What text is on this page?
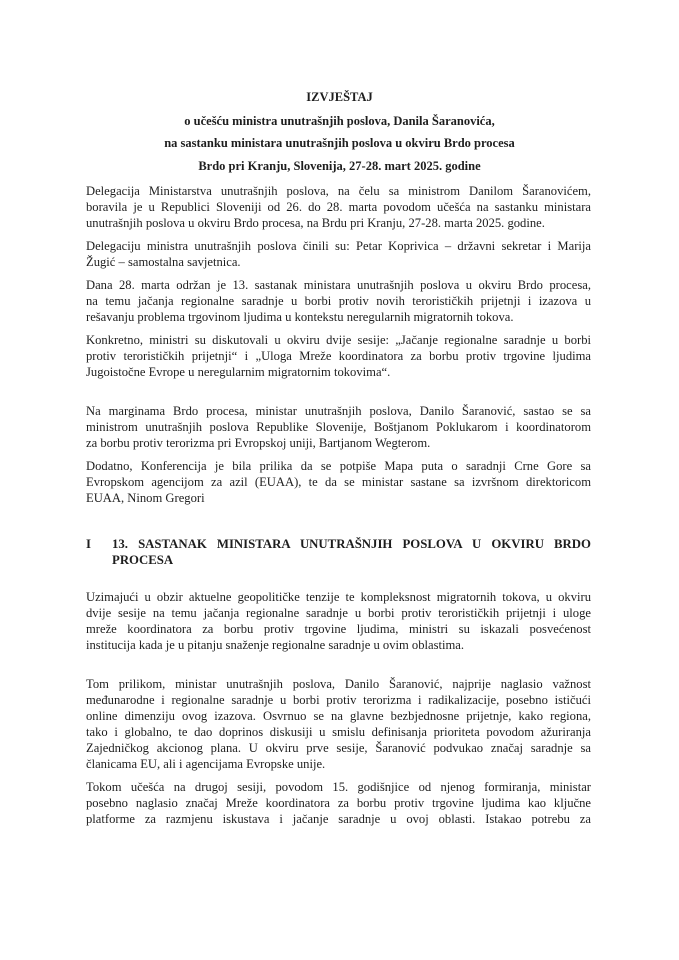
IZVJEŠTAJ
o učešću ministra unutrašnjih poslova, Danila Šaranovića,
na sastanku ministara unutrašnjih poslova u okviru Brdo procesa
Brdo pri Kranju, Slovenija, 27-28. mart 2025. godine
Delegacija Ministarstva unutrašnjih poslova, na čelu sa ministrom Danilom Šaranovićem,
boravila je u Republici Sloveniji od 26. do 28. marta povodom učešća na sastanku ministara
unutrašnjih poslova u okviru Brdo procesa, na Brdu pri Kranju, 27-28. marta 2025. godine.
Delegaciju ministra unutrašnjih poslova činili su: Petar Koprivica – državni sekretar i Marija
Žugić – samostalna savjetnica.
Dana 28. marta održan je 13. sastanak ministara unutrašnjih poslova u okviru Brdo procesa,
na temu jačanja regionalne saradnje u borbi protiv novih terorističkih prijetnji i izazova u
rešavanju problema trgovinom ljudima u kontekstu neregularnih migratornih tokova.
Konkretno, ministri su diskutovali u okviru dvije sesije: „Jačanje regionalne saradnje u borbi
protiv terorističkih prijetnji“ i „Uloga Mreže koordinatora za borbu protiv trgovine ljudima
Jugoistočne Evrope u neregularnim migratornim tokovima“.
Na marginama Brdo procesa, ministar unutrašnjih poslova, Danilo Šaranović, sastao se sa
ministrom unutrašnjih poslova Republike Slovenije, Boštjanom Poklukarom i koordinatorom
za borbu protiv terorizma pri Evropskoj uniji, Bartjanom Wegterom.
Dodatno, Konferencija je bila prilika da se potpiše Mapa puta o saradnji Crne Gore sa
Evropskom agencijom za azil (EUAA), te da se ministar sastane sa izvršnom direktoricom
EUAA, Ninom Gregori
Uzimajući u obzir aktuelne geopolitičke tenzije te kompleksnost migratornih tokova, u okviru
dvije sesije na temu jačanja regionalne saradnje u borbi protiv terorističkih prijetnji i uloge
mreže koordinatora za borbu protiv trgovine ljudima, ministri su iskazali posvećenost
institucija kada je u pitanju snaženje regionalne saradnje u ovim oblastima.
Tom prilikom, ministar unutrašnjih poslova, Danilo Šaranović, najprije naglasio važnost
međunarodne i regionalne saradnje u borbi protiv terorizma i radikalizacije, posebno ističući
online dimenziju ovog izazova. Osvrnuo se na glavne bezbjednosne prijetnje, kako regiona,
tako i globalno, te dao doprinos diskusiji u smislu definisanja prioriteta povodom ažuriranja
Zajedničkog akcionog plana. U okviru prve sesije, Šaranović podvukao značaj saradnje sa
članicama EU, ali i agencijama Evropske unije.
Tokom učešća na drugoj sesiji, povodom 15. godišnjice od njenog formiranja, ministar
posebno naglasio značaj Mreže koordinatora za borbu protiv trgovine ljudima kao ključne
platforme za razmjenu iskustava i jačanje saradnje u ovoj oblasti. Istakao potrebu za
I 13. SASTANAK MINISTARA UNUTRAŠNJIH POSLOVA U OKVIRU BRDO
PROCESA
